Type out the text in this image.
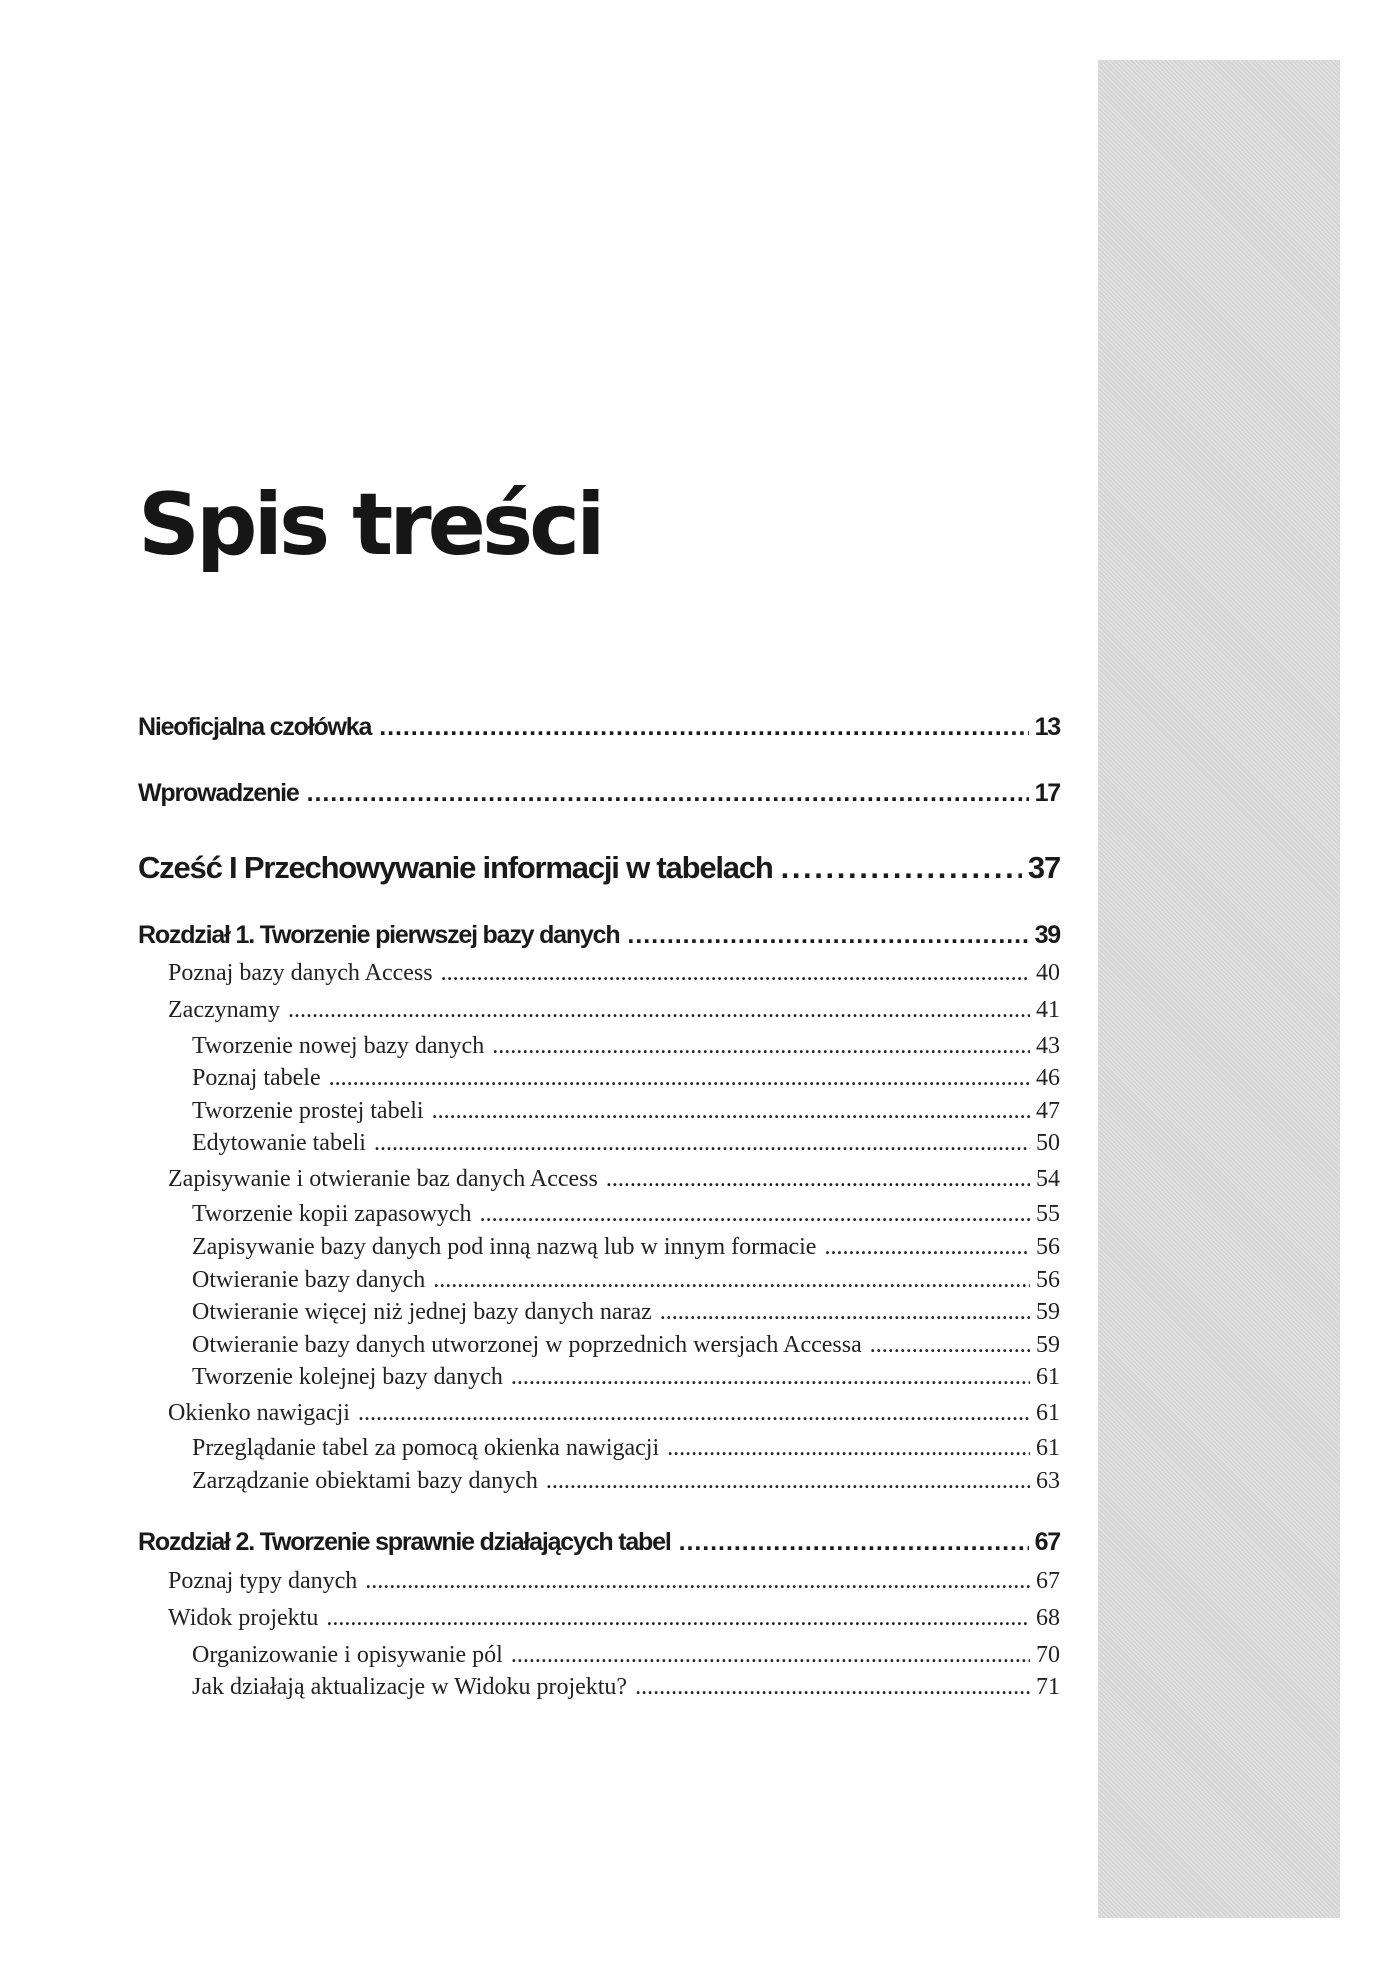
Spis treści
Nieoficjalna czołówka . . .	13
Wprowadzenie . . .	17
Cześć I Przechowywanie informacji w tabelach . . .	37
Rozdział 1. Tworzenie pierwszej bazy danych . . .	39
Poznaj bazy danych Access . . .	40
Zaczynamy . . .	41
Tworzenie nowej bazy danych . . .	43
Poznaj tabele . . .	46
Tworzenie prostej tabeli . . .	47
Edytowanie tabeli . . .	50
Zapisywanie i otwieranie baz danych Access . . .	54
Tworzenie kopii zapasowych . . .	55
Zapisywanie bazy danych pod inną nazwą lub w innym formacie . . .	56
Otwieranie bazy danych . . .	56
Otwieranie więcej niż jednej bazy danych naraz . . .	59
Otwieranie bazy danych utworzonej w poprzednich wersjach Accessa . . .	59
Tworzenie kolejnej bazy danych . . .	61
Okienko nawigacji . . .	61
Przeglądanie tabel za pomocą okienka nawigacji . . .	61
Zarządzanie obiektami bazy danych . . .	63
Rozdział 2. Tworzenie sprawnie działających tabel . . .	67
Poznaj typy danych . . .	67
Widok projektu . . .	68
Organizowanie i opisywanie pól . . .	70
Jak działają aktualizacje w Widoku projektu? . . .	71
